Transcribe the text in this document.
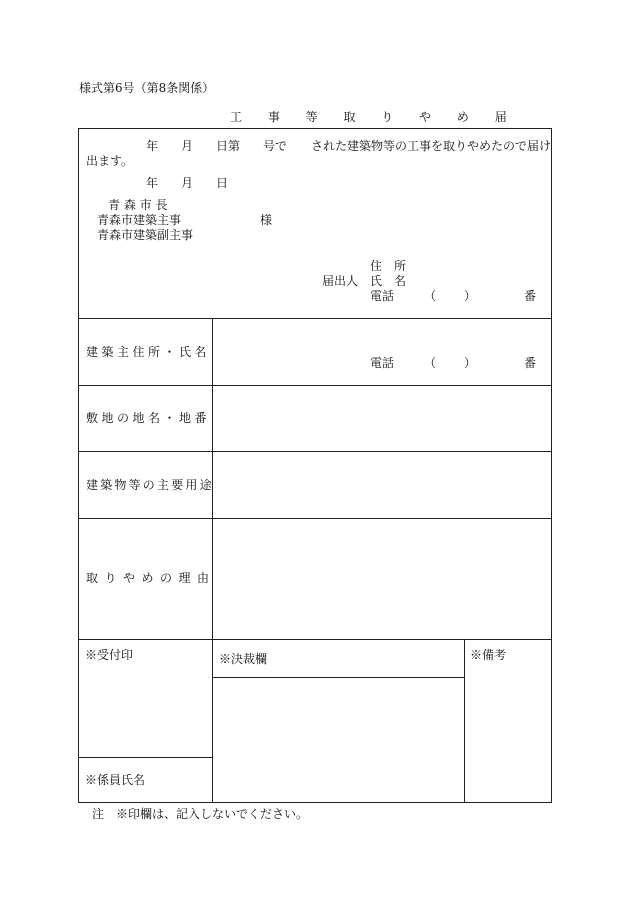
様式第6号（第8条関係）
工 事 等 取 り や め 届
年 月 日第 号で された建築物等の工事を取りやめたので届け
出ます。
年 月 日
青 森 市 長
青森市建築主事
青森市建築副主事
様
住　所
届出人 氏　名
電話 （ ）	番
建築主住所・氏名
電話 （ ）	番
敷地の地名・地番
建築物等の主要用途
取りやめの理由
※受付印	※決裁欄	※備考
※係員氏名
注　※印欄は、記入しないでください。
